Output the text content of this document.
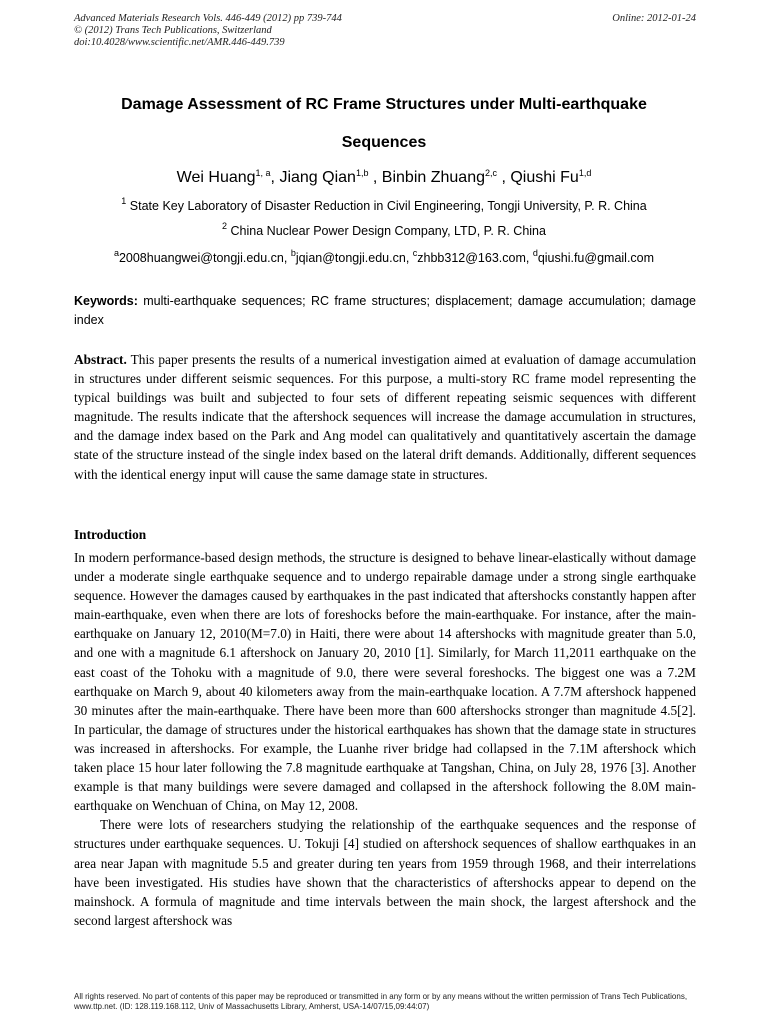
Advanced Materials Research Vols. 446-449 (2012) pp 739-744
© (2012) Trans Tech Publications, Switzerland
doi:10.4028/www.scientific.net/AMR.446-449.739
Online: 2012-01-24
Damage Assessment of RC Frame Structures under Multi-earthquake
Sequences
Wei Huang$^{1, a}$, Jiang Qian$^{1,b}$ , Binbin Zhuang$^{2,c}$ , Qiushi Fu$^{1,d}$
$^1$ State Key Laboratory of Disaster Reduction in Civil Engineering, Tongji University, P. R. China
$^2$ China Nuclear Power Design Company, LTD, P. R. China
$^a$2008huangwei@tongji.edu.cn, $^b$jqian@tongji.edu.cn, $^c$zhbb312@163.com, $^d$qiushi.fu@gmail.com
Keywords: multi-earthquake sequences; RC frame structures; displacement; damage accumulation; damage index
Abstract. This paper presents the results of a numerical investigation aimed at evaluation of damage accumulation in structures under different seismic sequences. For this purpose, a multi-story RC frame model representing the typical buildings was built and subjected to four sets of different repeating seismic sequences with different magnitude. The results indicate that the aftershock sequences will increase the damage accumulation in structures, and the damage index based on the Park and Ang model can qualitatively and quantitatively ascertain the damage state of the structure instead of the single index based on the lateral drift demands. Additionally, different sequences with the identical energy input will cause the same damage state in structures.
Introduction

In modern performance-based design methods, the structure is designed to behave linear-elastically without damage under a moderate single earthquake sequence and to undergo repairable damage under a strong single earthquake sequence. However the damages caused by earthquakes in the past indicated that aftershocks constantly happen after main-earthquake, even when there are lots of foreshocks before the main-earthquake. For instance, after the main-earthquake on January 12, 2010(M=7.0) in Haiti, there were about 14 aftershocks with magnitude greater than 5.0, and one with a magnitude 6.1 aftershock on January 20, 2010 [1]. Similarly, for March 11,2011 earthquake on the east coast of the Tohoku with a magnitude of 9.0, there were several foreshocks. The biggest one was a 7.2M earthquake on March 9, about 40 kilometers away from the main-earthquake location. A 7.7M aftershock happened 30 minutes after the main-earthquake. There have been more than 600 aftershocks stronger than magnitude 4.5[2]. In particular, the damage of structures under the historical earthquakes has shown that the damage state in structures was increased in aftershocks. For example, the Luanhe river bridge had collapsed in the 7.1M aftershock which taken place 15 hour later following the 7.8 magnitude earthquake at Tangshan, China, on July 28, 1976 [3]. Another example is that many buildings were severe damaged and collapsed in the aftershock following the 8.0M main-earthquake on Wenchuan of China, on May 12, 2008.

There were lots of researchers studying the relationship of the earthquake sequences and the response of structures under earthquake sequences. U. Tokuji [4] studied on aftershock sequences of shallow earthquakes in an area near Japan with magnitude 5.5 and greater during ten years from 1959 through 1968, and their interrelations have been investigated. His studies have shown that the characteristics of aftershocks appear to depend on the mainshock. A formula of magnitude and time intervals between the main shock, the largest aftershock and the second largest aftershock was

All rights reserved. No part of contents of this paper may be reproduced or transmitted in any form or by any means without the written permission of Trans Tech Publications, www.ttp.net. (ID: 128.119.168.112, Univ of Massachusetts Library, Amherst, USA-14/07/15,09:44:07)
